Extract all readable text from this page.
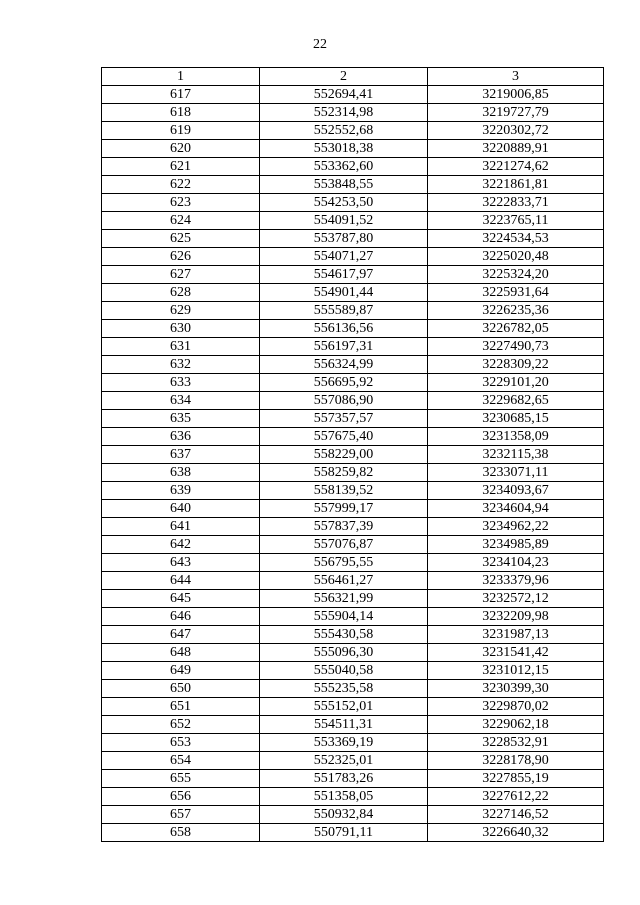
22
1	2	3
617	552694,41	3219006,85
618	552314,98	3219727,79
619	552552,68	3220302,72
620	553018,38	3220889,91
621	553362,60	3221274,62
622	553848,55	3221861,81
623	554253,50	3222833,71
624	554091,52	3223765,11
625	553787,80	3224534,53
626	554071,27	3225020,48
627	554617,97	3225324,20
628	554901,44	3225931,64
629	555589,87	3226235,36
630	556136,56	3226782,05
631	556197,31	3227490,73
632	556324,99	3228309,22
633	556695,92	3229101,20
634	557086,90	3229682,65
635	557357,57	3230685,15
636	557675,40	3231358,09
637	558229,00	3232115,38
638	558259,82	3233071,11
639	558139,52	3234093,67
640	557999,17	3234604,94
641	557837,39	3234962,22
642	557076,87	3234985,89
643	556795,55	3234104,23
644	556461,27	3233379,96
645	556321,99	3232572,12
646	555904,14	3232209,98
647	555430,58	3231987,13
648	555096,30	3231541,42
649	555040,58	3231012,15
650	555235,58	3230399,30
651	555152,01	3229870,02
652	554511,31	3229062,18
653	553369,19	3228532,91
654	552325,01	3228178,90
655	551783,26	3227855,19
656	551358,05	3227612,22
657	550932,84	3227146,52
658	550791,11	3226640,32
